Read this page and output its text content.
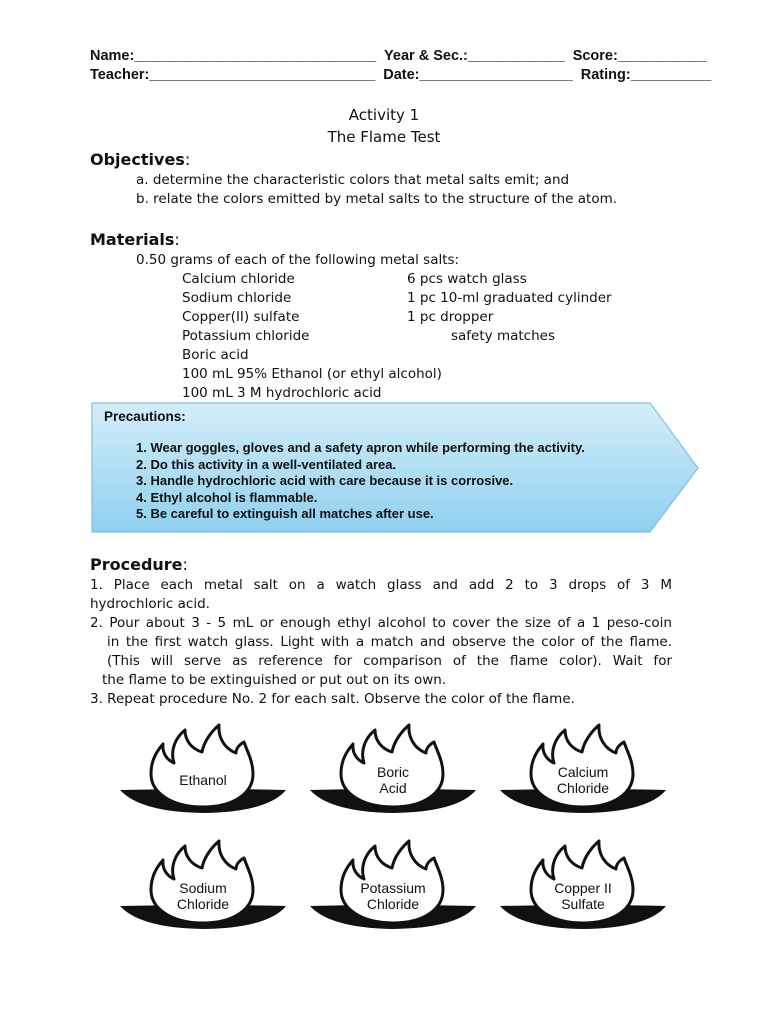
Name:______________________________  Year & Sec.:____________  Score:___________
Teacher:____________________________  Date:___________________  Rating:__________
Activity 1
The Flame Test
Objectives:
a. determine the characteristic colors that metal salts emit; and
b. relate the colors emitted by metal salts to the structure of the atom.
Materials:
0.50 grams of each of the following metal salts:
Calcium chloride
Sodium chloride
Copper(II) sulfate
Potassium chloride
Boric acid
100 mL 95% Ethanol (or ethyl alcohol)
100 mL 3 M hydrochloric acid
6 pcs watch glass
1 pc 10-ml graduated cylinder
1 pc dropper
safety matches
Precautions:
1. Wear goggles, gloves and a safety apron while performing the activity.
2. Do this activity in a well-ventilated area.
3. Handle hydrochloric acid with care because it is corrosive.
4. Ethyl alcohol is flammable.
5. Be careful to extinguish all matches after use.
Procedure:
1. Place each metal salt on a watch glass and add 2 to 3 drops of 3 M
hydrochloric acid.
2. Pour about 3 - 5 mL or enough ethyl alcohol to cover the size of a 1 peso-coin
in the first watch glass. Light with a match and observe the color of the flame.
(This will serve as reference for comparison of the flame color). Wait for
the flame to be extinguished or put out on its own.
3. Repeat procedure No. 2 for each salt. Observe the color of the flame.
Ethanol	Boric
Acid
Calcium
Chloride
Sodium
Chloride
Potassium
Chloride
Copper II
Sulfate
